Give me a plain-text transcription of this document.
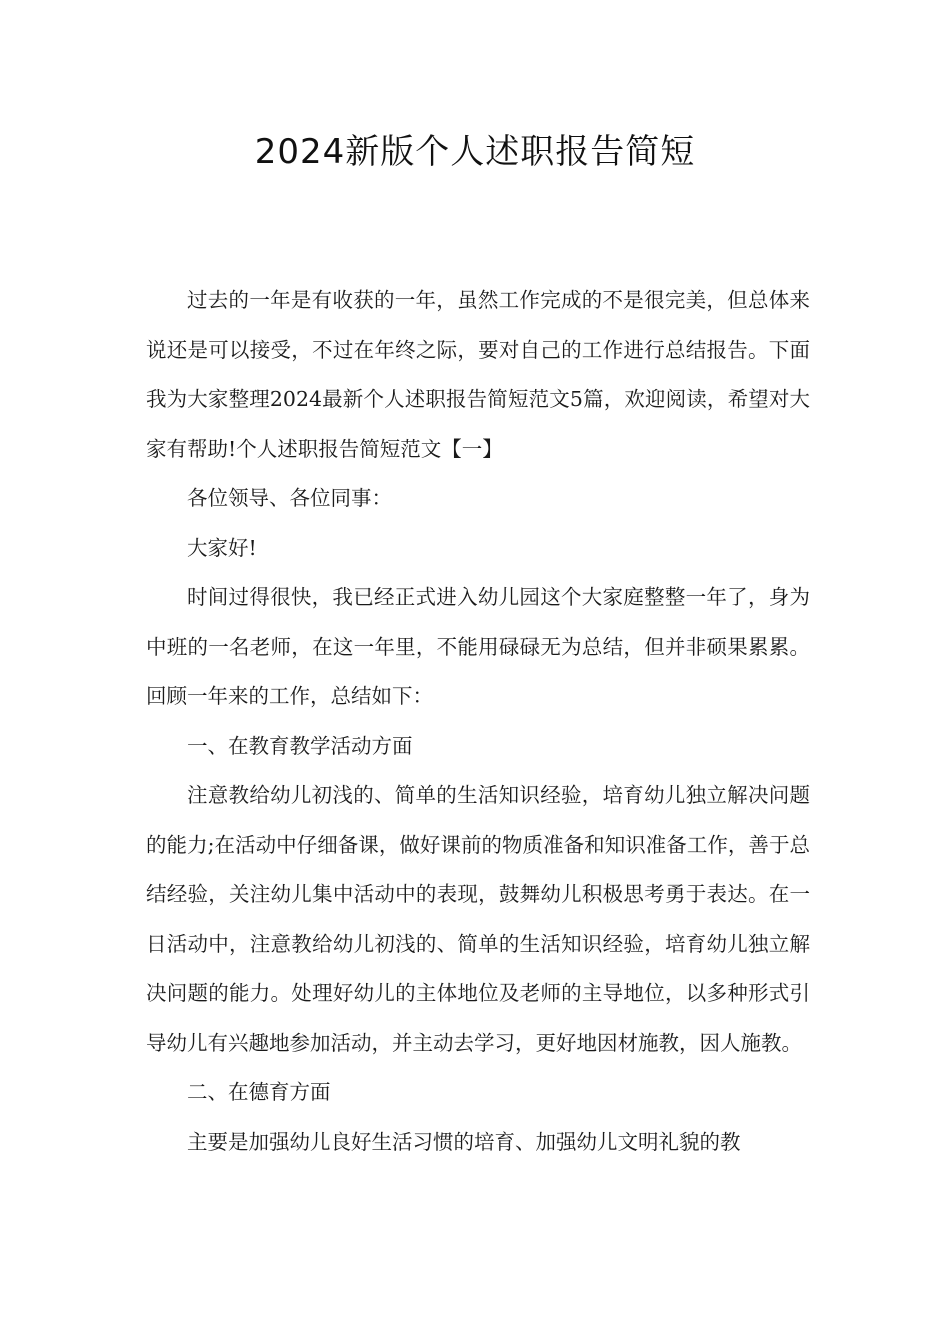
2024新版个人述职报告简短

过去的一年是有收获的一年，虽然工作完成的不是很完美，但总体来说还是可以接受，不过在年终之际，要对自己的工作进行总结报告。下面我为大家整理2024最新个人述职报告简短范文5篇，欢迎阅读，希望对大家有帮助!个人述职报告简短范文【一】

各位领导、各位同事：

大家好!

时间过得很快，我已经正式进入幼儿园这个大家庭整整一年了，身为中班的一名老师，在这一年里，不能用碌碌无为总结，但并非硕果累累。回顾一年来的工作，总结如下：

一、在教育教学活动方面

注意教给幼儿初浅的、简单的生活知识经验，培育幼儿独立解决问题的能力;在活动中仔细备课，做好课前的物质准备和知识准备工作，善于总结经验，关注幼儿集中活动中的表现，鼓舞幼儿积极思考勇于表达。在一日活动中，注意教给幼儿初浅的、简单的生活知识经验，培育幼儿独立解决问题的能力。处理好幼儿的主体地位及老师的主导地位，以多种形式引导幼儿有兴趣地参加活动，并主动去学习，更好地因材施教，因人施教。

二、在德育方面

主要是加强幼儿良好生活习惯的培育、加强幼儿文明礼貌的教
